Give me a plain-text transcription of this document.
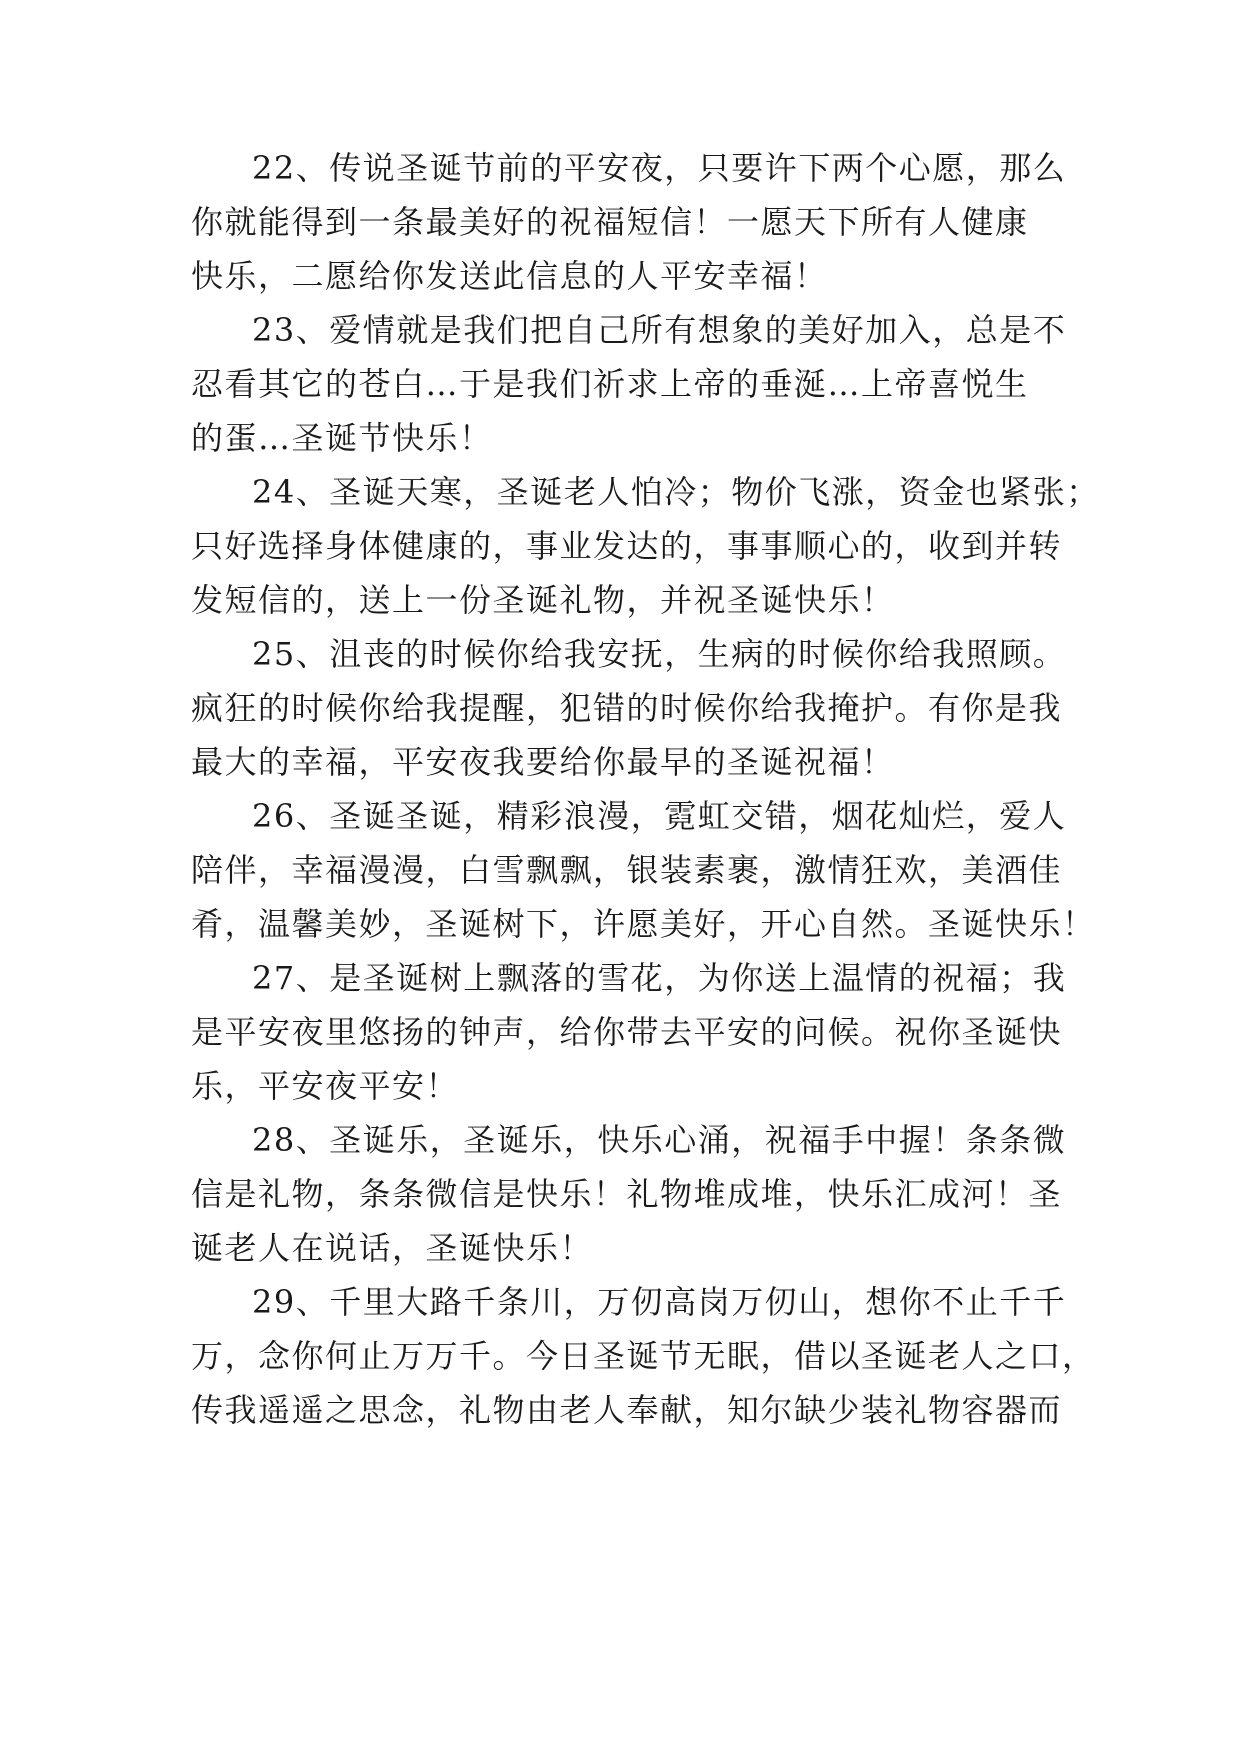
22、传说圣诞节前的平安夜，只要许下两个心愿，那么
你就能得到一条最美好的祝福短信！一愿天下所有人健康
快乐，二愿给你发送此信息的人平安幸福！
23、爱情就是我们把自己所有想象的美好加入，总是不
忍看其它的苍白…于是我们祈求上帝的垂涎…上帝喜悦生
的蛋…圣诞节快乐！
24、圣诞天寒，圣诞老人怕冷；物价飞涨，资金也紧张；
只好选择身体健康的，事业发达的，事事顺心的，收到并转
发短信的，送上一份圣诞礼物，并祝圣诞快乐！
25、沮丧的时候你给我安抚，生病的时候你给我照顾。
疯狂的时候你给我提醒，犯错的时候你给我掩护。有你是我
最大的幸福，平安夜我要给你最早的圣诞祝福！
26、圣诞圣诞，精彩浪漫，霓虹交错，烟花灿烂，爱人
陪伴，幸福漫漫，白雪飘飘，银装素裹，激情狂欢，美酒佳
肴，温馨美妙，圣诞树下，许愿美好，开心自然。圣诞快乐！
27、是圣诞树上飘落的雪花，为你送上温情的祝福；我
是平安夜里悠扬的钟声，给你带去平安的问候。祝你圣诞快
乐，平安夜平安！
28、圣诞乐，圣诞乐，快乐心涌，祝福手中握！条条微
信是礼物，条条微信是快乐！礼物堆成堆，快乐汇成河！圣
诞老人在说话，圣诞快乐！
29、千里大路千条川，万仞高岗万仞山，想你不止千千
万，念你何止万万千。今日圣诞节无眠，借以圣诞老人之口，
传我遥遥之思念，礼物由老人奉献，知尔缺少装礼物容器而
